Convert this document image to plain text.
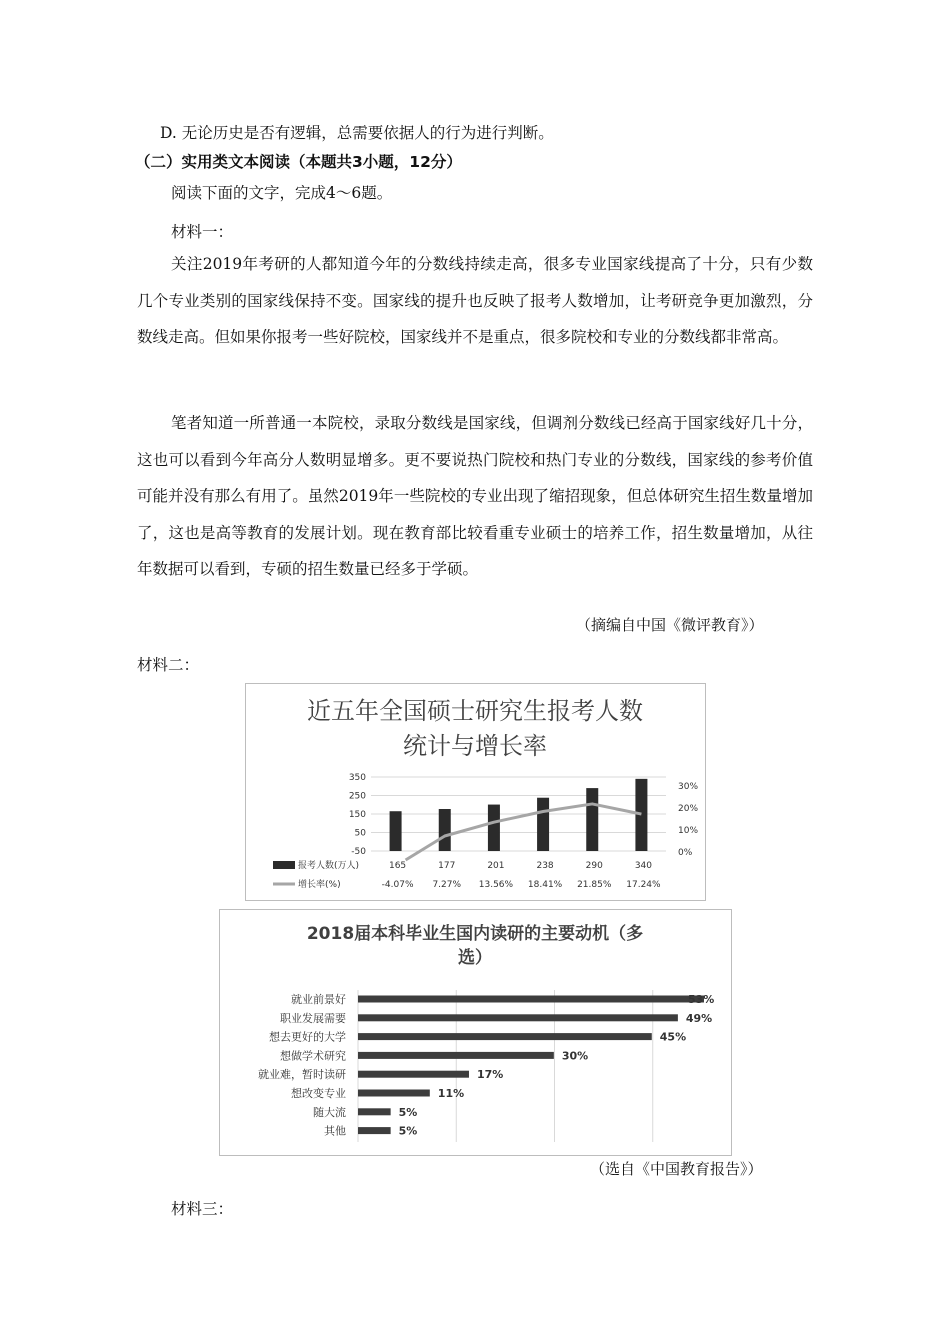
D. 无论历史是否有逻辑，总需要依据人的行为进行判断。
（二）实用类文本阅读（本题共3小题，12分）
阅读下面的文字，完成4～6题。
材料一：
关注2019年考研的人都知道今年的分数线持续走高，很多专业国家线提高了十分，只有少数几个专业类别的国家线保持不变。国家线的提升也反映了报考人数增加，让考研竞争更加激烈，分数线走高。但如果你报考一些好院校，国家线并不是重点，很多院校和专业的分数线都非常高。
笔者知道一所普通一本院校，录取分数线是国家线，但调剂分数线已经高于国家线好几十分，这也可以看到今年高分人数明显增多。更不要说热门院校和热门专业的分数线，国家线的参考价值可能并没有那么有用了。虽然2019年一些院校的专业出现了缩招现象，但总体研究生招生数量增加了，这也是高等教育的发展计划。现在教育部比较看重专业硕士的培养工作，招生数量增加，从往年数据可以看到，专硕的招生数量已经多于学硕。
（摘编自中国《微评教育》）
材料二：
近五年全国硕士研究生报考人数
统计与增长率
350
250
150
50
-50
30%
20%
10%
0%
报考人数(万人)
增长率(%)
165	177	201	238	290	340
-4.07% 7.27% 13.56% 18.41% 21.85% 17.24%
2018届本科毕业生国内读研的主要动机（多
选）
就业前景好	53%
职业发展需要	49%
想去更好的大学	45%
想做学术研究	30%
就业难，暂时读研	17%
想改变专业	11%
随大流	5%
其他	5%
（选自《中国教育报告》）
材料三：
